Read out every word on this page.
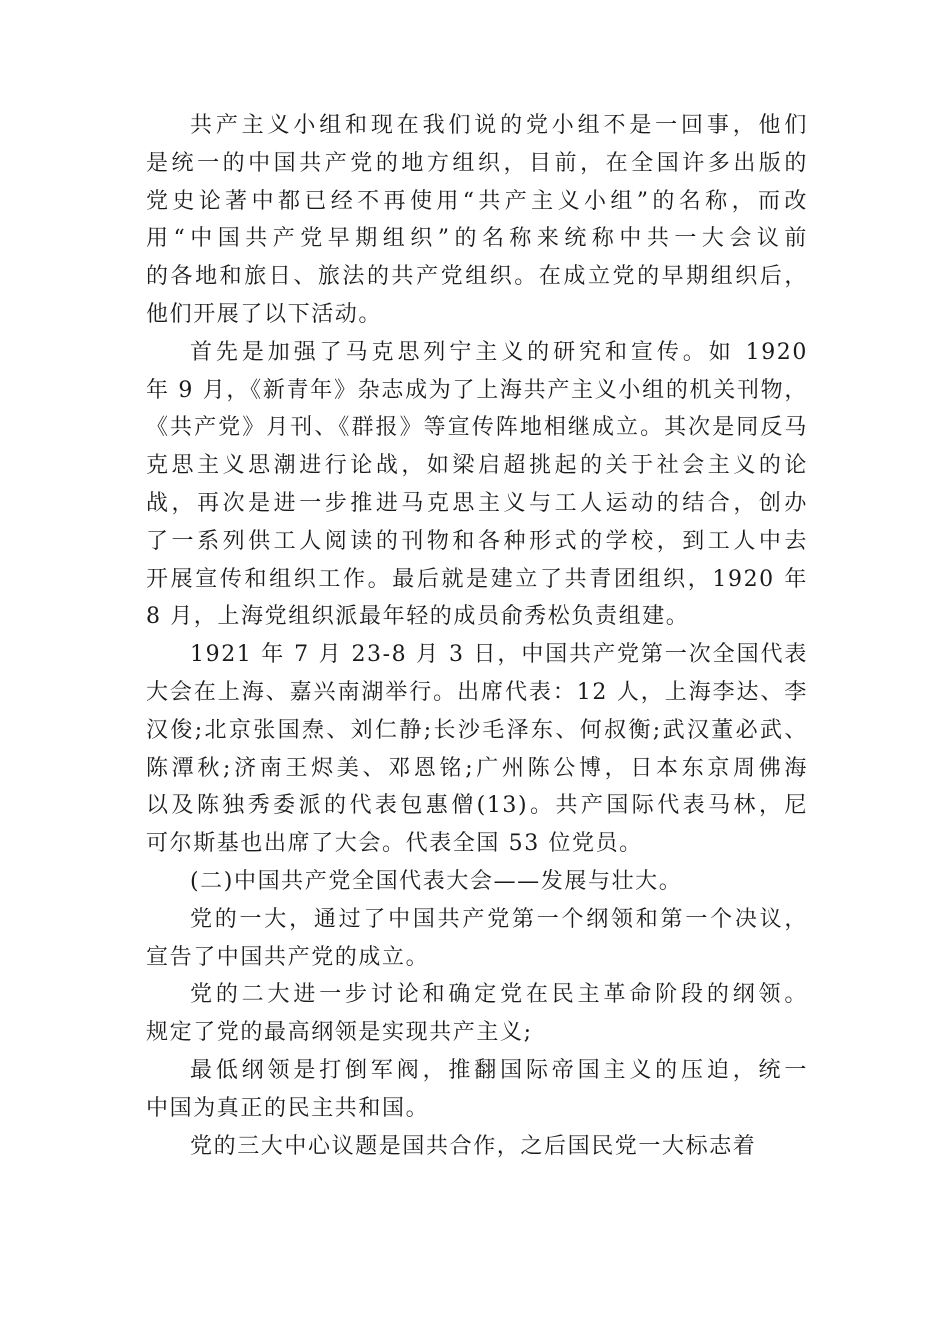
共产主义小组和现在我们说的党小组不是一回事，他们
是统一的中国共产党的地方组织，目前，在全国许多出版的
党史论著中都已经不再使用“共产主义小组”的名称，而改
用“中国共产党早期组织”的名称来统称中共一大会议前
的各地和旅日、旅法的共产党组织。在成立党的早期组织后，
他们开展了以下活动。

首先是加强了马克思列宁主义的研究和宣传。如 1920
年 9 月，《新青年》杂志成为了上海共产主义小组的机关刊物，
《共产党》月刊、《群报》等宣传阵地相继成立。其次是同反马
克思主义思潮进行论战，如梁启超挑起的关于社会主义的论
战，再次是进一步推进马克思主义与工人运动的结合，创办
了一系列供工人阅读的刊物和各种形式的学校，到工人中去
开展宣传和组织工作。最后就是建立了共青团组织，1920 年
8 月，上海党组织派最年轻的成员俞秀松负责组建。

1921 年 7 月 23-8 月 3 日，中国共产党第一次全国代表
大会在上海、嘉兴南湖举行。出席代表：12 人，上海李达、李
汉俊;北京张国焘、刘仁静;长沙毛泽东、何叔衡;武汉董必武、
陈潭秋;济南王烬美、邓恩铭;广州陈公博，日本东京周佛海
以及陈独秀委派的代表包惠僧(13)。共产国际代表马林，尼
可尔斯基也出席了大会。代表全国 53 位党员。

(二)中国共产党全国代表大会——发展与壮大。

党的一大，通过了中国共产党第一个纲领和第一个决议，
宣告了中国共产党的成立。

党的二大进一步讨论和确定党在民主革命阶段的纲领。
规定了党的最高纲领是实现共产主义;

最低纲领是打倒军阀，推翻国际帝国主义的压迫，统一
中国为真正的民主共和国。

党的三大中心议题是国共合作，之后国民党一大标志着
